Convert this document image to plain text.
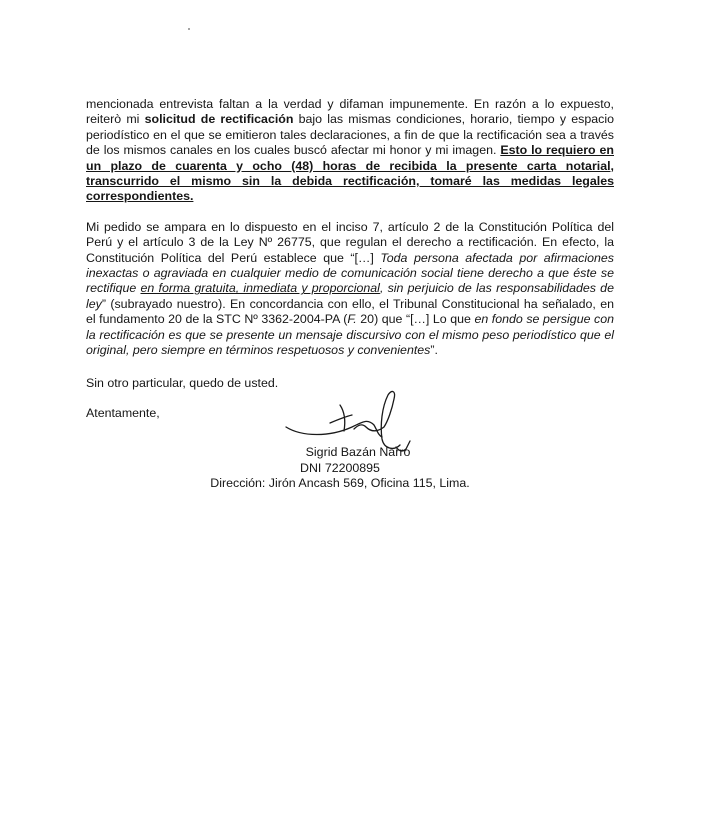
mencionada entrevista faltan a la verdad y difaman impunemente. En razón a lo expuesto, reiterò mi solicitud de rectificación bajo las mismas condiciones, horario, tiempo y espacio periodístico en el que se emitieron tales declaraciones, a fin de que la rectificación sea a través de los mismos canales en los cuales buscó afectar mi honor y mi imagen. Esto lo requiero en un plazo de cuarenta y ocho (48) horas de recibida la presente carta notarial, transcurrido el mismo sin la debida rectificación, tomaré las medidas legales correspondientes.

Mi pedido se ampara en lo dispuesto en el inciso 7, artículo 2 de la Constitución Política del Perú y el artículo 3 de la Ley Nº 26775, que regulan el derecho a rectificación. En efecto, la Constitución Política del Perú establece que “[…] Toda persona afectada por afirmaciones inexactas o agraviada en cualquier medio de comunicación social tiene derecho a que éste se rectifique en forma gratuita, inmediata y proporcional, sin perjuicio de las responsabilidades de ley” (subrayado nuestro). En concordancia con ello, el Tribunal Constitucional ha señalado, en el fundamento 20 de la STC Nº 3362-2004-PA (F. 20) que “[…] Lo que en fondo se persigue con la rectificación es que se presente un mensaje discursivo con el mismo peso periodístico que el original, pero siempre en términos respetuosos y convenientes”.

Sin otro particular, quedo de usted.
Atentamente,
Sigrid Bazán Narro
DNI 72200895
Dirección: Jirón Ancash 569, Oficina 115, Lima.
